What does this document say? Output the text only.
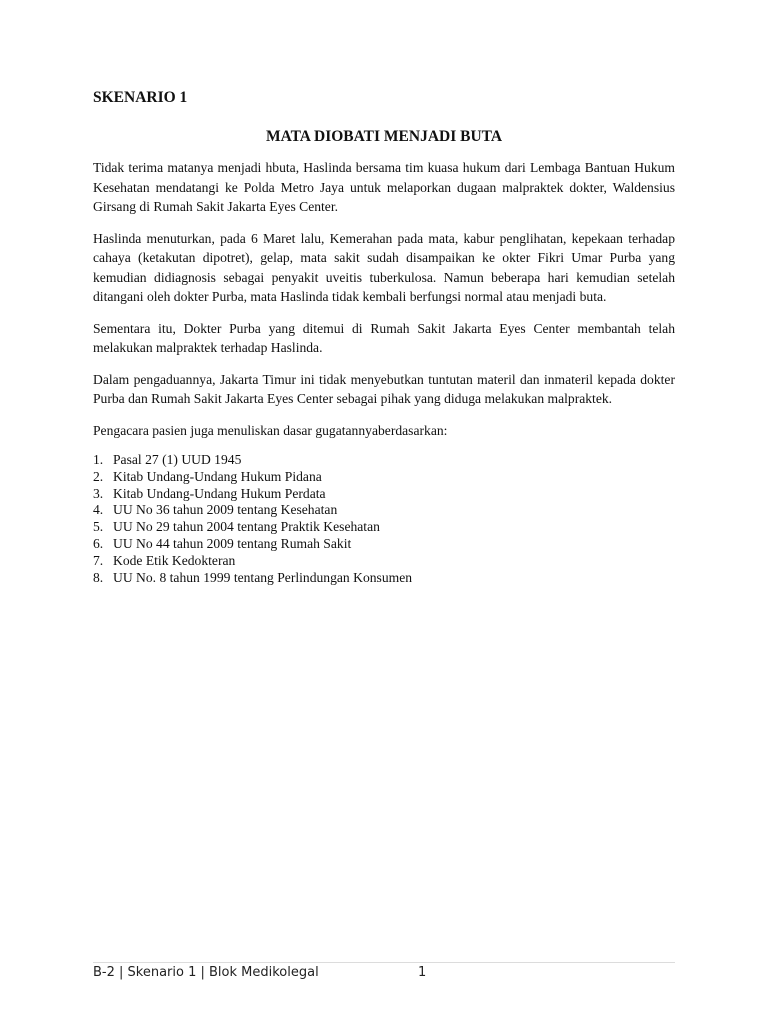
SKENARIO 1
MATA DIOBATI MENJADI BUTA

Tidak terima matanya menjadi hbuta, Haslinda bersama tim kuasa hukum dari Lembaga Bantuan Hukum Kesehatan mendatangi ke Polda Metro Jaya untuk melaporkan dugaan malpraktek dokter, Waldensius Girsang di Rumah Sakit Jakarta Eyes Center.

Haslinda menuturkan, pada 6 Maret lalu, Kemerahan pada mata, kabur penglihatan, kepekaan terhadap cahaya (ketakutan dipotret), gelap, mata sakit sudah disampaikan ke okter Fikri Umar Purba yang kemudian didiagnosis sebagai penyakit uveitis tuberkulosa. Namun beberapa hari kemudian setelah ditangani oleh dokter Purba, mata Haslinda tidak kembali berfungsi normal atau menjadi buta.

Sementara itu, Dokter Purba yang ditemui di Rumah Sakit Jakarta Eyes Center membantah telah melakukan malpraktek terhadap Haslinda.

Dalam pengaduannya, Jakarta Timur ini tidak menyebutkan tuntutan materil dan inmateril kepada dokter Purba dan Rumah Sakit Jakarta Eyes Center sebagai pihak yang diduga melakukan malpraktek.

Pengacara pasien juga menuliskan dasar gugatannyaberdasarkan:

1. Pasal 27 (1) UUD 1945
2. Kitab Undang-Undang Hukum Pidana
3. Kitab Undang-Undang Hukum Perdata
4. UU No 36 tahun 2009 tentang Kesehatan
5. UU No 29 tahun 2004 tentang Praktik Kesehatan
6. UU No 44 tahun 2009 tentang Rumah Sakit
7. Kode Etik Kedokteran
8. UU No. 8 tahun 1999 tentang Perlindungan Konsumen
B-2 | Skenario 1 | Blok Medikolegal	1
